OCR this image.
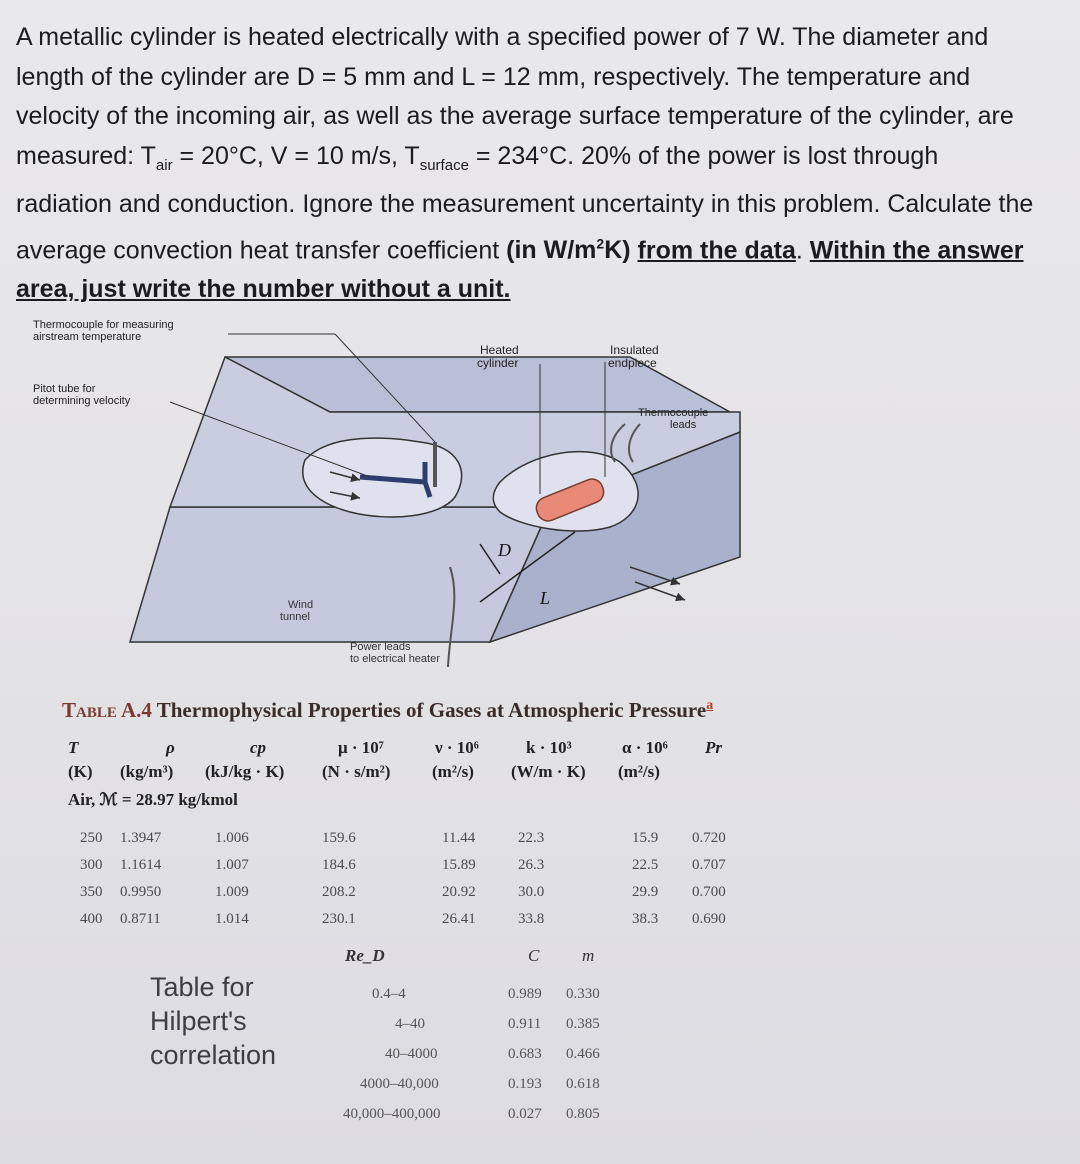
A metallic cylinder is heated electrically with a specified power of 7 W. The diameter and
length of the cylinder are D = 5 mm and L = 12 mm, respectively. The temperature and
velocity of the incoming air, as well as the average surface temperature of the cylinder, are
measured: $T_{air} = 20^\circ C$, V = 10 m/s, $T_{surface} = 234^\circ C$. 20% of the power is lost through
radiation and conduction. Ignore the measurement uncertainty in this problem. Calculate the
average convection heat transfer coefficient (in $W/m^2K$) from the data. Within the answer
area, just write the number without a unit.
Thermocouple for measuring airstream temperature
Pitot tube for determining velocity
Heated cylinder
Insulated endpiece
Thermocouple leads
Wind tunnel
Power leads to electrical heater
D
L
Table A.4 Thermophysical Properties of Gases at Atmospheric Pressure$^a$
T	ρ	cp	μ · 10⁷	ν · 10⁶	k · 10³	α · 10⁶ Pr
(K) (kg/m³) (kJ/kg · K) (N · s/m²) (m²/s) (W/m · K) (m²/s)
Air, ℳ = 28.97 kg/kmol
250 1.3947	1.006	159.6	11.44	22.3	15.9 0.720
300 1.1614	1.007	184.6	15.89	26.3	22.5 0.707
350 0.9950	1.009	208.2	20.92	30.0	29.9 0.700
400 0.8711	1.014	230.1	26.41	33.8	38.3 0.690
Table for
Hilpert's
correlation
Re_D	C	m
0.4–4	0.989 0.330
4–40	0.911 0.385
40–4000	0.683 0.466
4000–40,000	0.193 0.618
40,000–400,000	0.027 0.805
